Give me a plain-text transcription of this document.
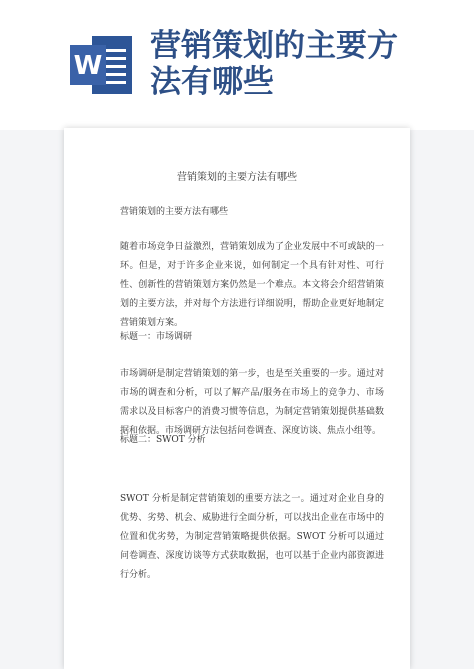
W
营销策划的主要方
法有哪些
营销策划的主要方法有哪些

营销策划的主要方法有哪些

随着市场竞争日益激烈，营销策划成为了企业发展中不可或缺的一环。但是，对于许多企业来说，如何制定一个具有针对性、可行性、创新性的营销策划方案仍然是一个难点。本文将会介绍营销策划的主要方法，并对每个方法进行详细说明，帮助企业更好地制定营销策划方案。

标题一：市场调研

市场调研是制定营销策划的第一步，也是至关重要的一步。通过对市场的调查和分析，可以了解产品/服务在市场上的竞争力、市场需求以及目标客户的消费习惯等信息，为制定营销策划提供基础数据和依据。市场调研方法包括问卷调查、深度访谈、焦点小组等。

标题二：SWOT 分析

SWOT 分析是制定营销策划的重要方法之一。通过对企业自身的优势、劣势、机会、威胁进行全面分析，可以找出企业在市场中的位置和优劣势，为制定营销策略提供依据。SWOT 分析可以通过问卷调查、深度访谈等方式获取数据，也可以基于企业内部资源进行分析。
